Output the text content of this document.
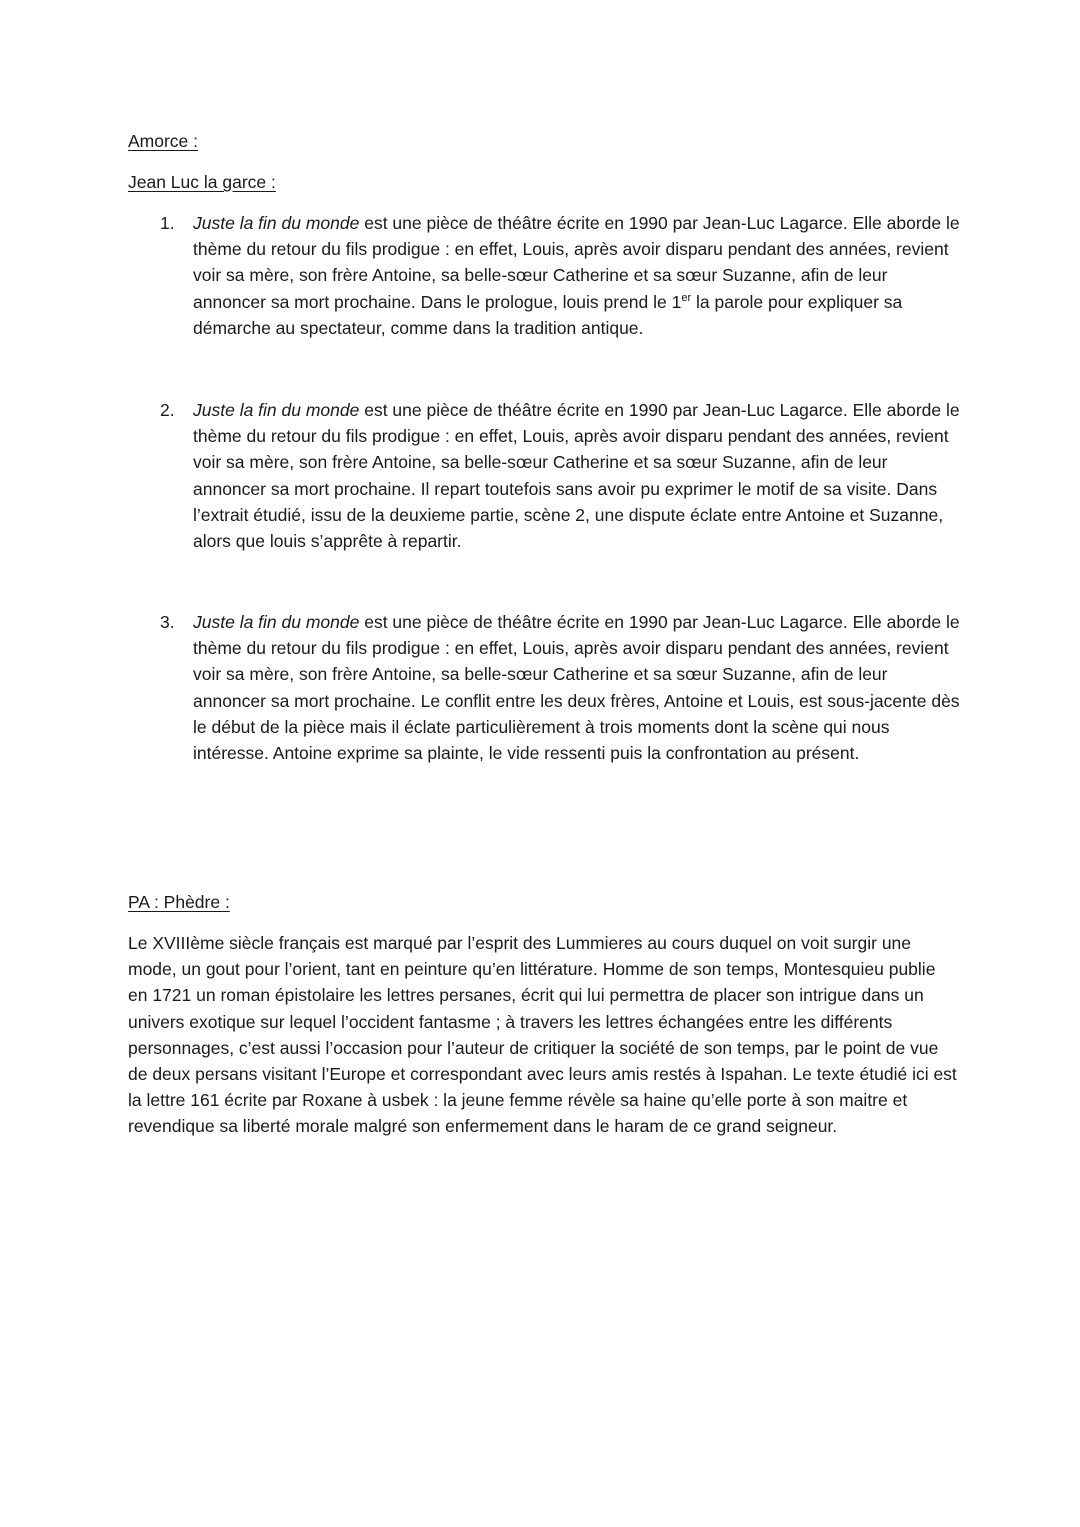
Amorce :

Jean Luc la garce :

1.	Juste la fin du monde est une pièce de théâtre écrite en 1990 par Jean-Luc Lagarce. Elle aborde le thème du retour du fils prodigue : en effet, Louis, après avoir disparu pendant des années, revient voir sa mère, son frère Antoine, sa belle-sœur Catherine et sa sœur Suzanne, afin de leur annoncer sa mort prochaine. Dans le prologue, louis prend le 1er la parole pour expliquer sa démarche au spectateur, comme dans la tradition antique.
2.	Juste la fin du monde est une pièce de théâtre écrite en 1990 par Jean-Luc Lagarce. Elle aborde le thème du retour du fils prodigue : en effet, Louis, après avoir disparu pendant des années, revient voir sa mère, son frère Antoine, sa belle-sœur Catherine et sa sœur Suzanne, afin de leur annoncer sa mort prochaine. Il repart toutefois sans avoir pu exprimer le motif de sa visite. Dans l’extrait étudié, issu de la deuxieme partie, scène 2, une dispute éclate entre Antoine et Suzanne, alors que louis s’apprête à repartir.
3.	Juste la fin du monde est une pièce de théâtre écrite en 1990 par Jean-Luc Lagarce. Elle aborde le thème du retour du fils prodigue : en effet, Louis, après avoir disparu pendant des années, revient voir sa mère, son frère Antoine, sa belle-sœur Catherine et sa sœur Suzanne, afin de leur annoncer sa mort prochaine. Le conflit entre les deux frères, Antoine et Louis, est sous-jacente dès le début de la pièce mais il éclate particulièrement à trois moments dont la scène qui nous intéresse. Antoine exprime sa plainte, le vide ressenti puis la confrontation au présent.

PA : Phèdre :

Le XVIIIème siècle français est marqué par l’esprit des Lummieres au cours duquel on voit surgir une mode, un gout pour l’orient, tant en peinture qu’en littérature. Homme de son temps, Montesquieu publie en 1721 un roman épistolaire les lettres persanes, écrit qui lui permettra de placer son intrigue dans un univers exotique sur lequel l’occident fantasme ; à travers les lettres échangées entre les différents personnages, c’est aussi l’occasion pour l’auteur de critiquer la société de son temps, par le point de vue de deux persans visitant l’Europe et correspondant avec leurs amis restés à Ispahan. Le texte étudié ici est la lettre 161 écrite par Roxane à usbek : la jeune femme révèle sa haine qu’elle porte à son maitre et revendique sa liberté morale malgré son enfermement dans le haram de ce grand seigneur.
